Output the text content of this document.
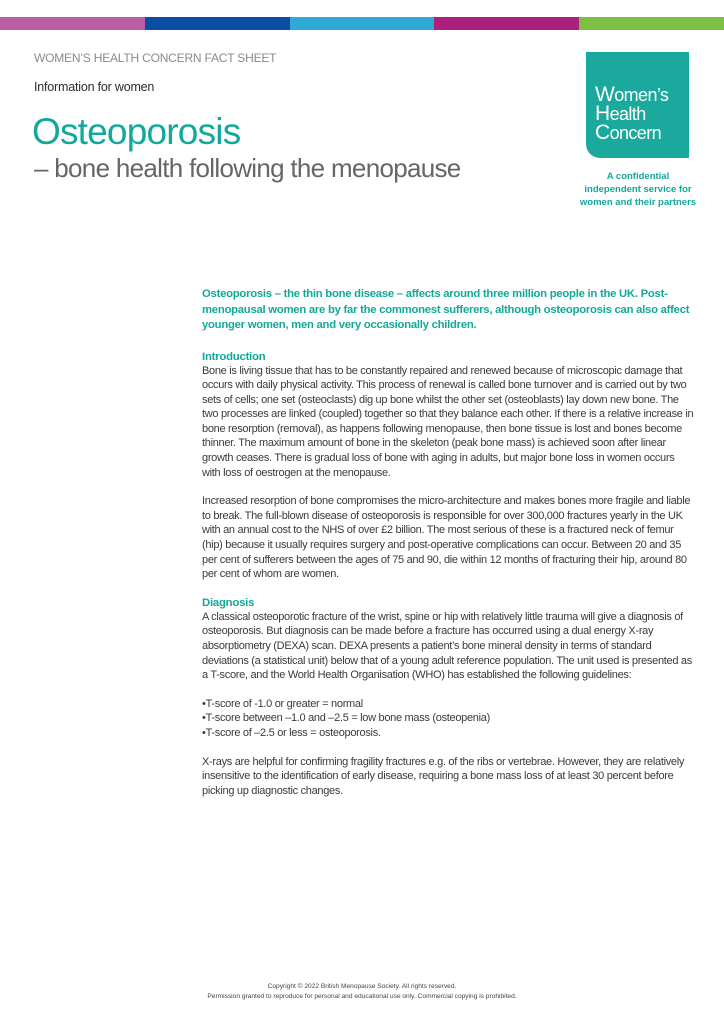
WOMEN’S HEALTH CONCERN FACT SHEET
Information for women
Osteoporosis
– bone health following the menopause
Women’s
Health
Concern
A confidential
independent service for
women and their partners

Osteoporosis – the thin bone disease – affects around three million people in the UK. Post-menopausal women are by far the commonest sufferers, although osteoporosis can also affect younger women, men and very occasionally children.

Introduction

Bone is living tissue that has to be constantly repaired and renewed because of microscopic damage that occurs with daily physical activity. This process of renewal is called bone turnover and is carried out by two sets of cells; one set (osteoclasts) dig up bone whilst the other set (osteoblasts) lay down new bone. The two processes are linked (coupled) together so that they balance each other. If there is a relative increase in bone resorption (removal), as happens following menopause, then bone tissue is lost and bones become thinner. The maximum amount of bone in the skeleton (peak bone mass) is achieved soon after linear growth ceases. There is gradual loss of bone with aging in adults, but major bone loss in women occurs with loss of oestrogen at the menopause.

Increased resorption of bone compromises the micro-architecture and makes bones more fragile and liable to break. The full-blown disease of osteoporosis is responsible for over 300,000 fractures yearly in the UK with an annual cost to the NHS of over £2 billion. The most serious of these is a fractured neck of femur (hip) because it usually requires surgery and post-operative complications can occur. Between 20 and 35 per cent of sufferers between the ages of 75 and 90, die within 12 months of fracturing their hip, around 80 per cent of whom are women.

Diagnosis

A classical osteoporotic fracture of the wrist, spine or hip with relatively little trauma will give a diagnosis of osteoporosis. But diagnosis can be made before a fracture has occurred using a dual energy X-ray absorptiometry (DEXA) scan. DEXA presents a patient’s bone mineral density in terms of standard deviations (a statistical unit) below that of a young adult reference population. The unit used is presented as a T-score, and the World Health Organisation (WHO) has established the following guidelines:

• T-score of -1.0 or greater = normal
• T-score between –1.0 and –2.5 = low bone mass (osteopenia)
• T-score of –2.5 or less = osteoporosis.

X-rays are helpful for confirming fragility fractures e.g. of the ribs or vertebrae. However, they are relatively insensitive to the identification of early disease, requiring a bone mass loss of at least 30 percent before picking up diagnostic changes.

Copyright © 2022 British Menopause Society. All rights reserved.
Permission granted to reproduce for personal and educational use only. Commercial copying is prohibited.
